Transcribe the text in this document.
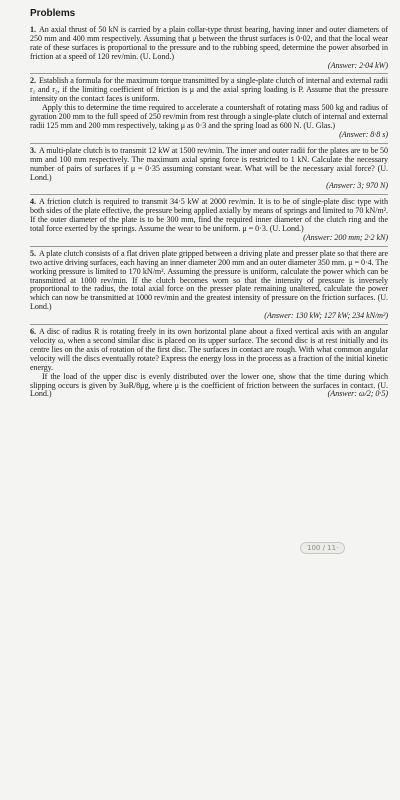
Problems

1. An axial thrust of 50 kN is carried by a plain collar-type thrust bearing, having inner and outer diameters of 250 mm and 400 mm respectively. Assuming that μ between the thrust surfaces is 0·02, and that the local wear rate of these surfaces is proportional to the pressure and to the rubbing speed, determine the power absorbed in friction at a speed of 120 rev/min. (U. Lond.)

(Answer: 2·04 kW)

2. Establish a formula for the maximum torque transmitted by a single-plate clutch of internal and external radii r₁ and r₂, if the limiting coefficient of friction is μ and the axial spring loading is P. Assume that the pressure intensity on the contact faces is uniform.

Apply this to determine the time required to accelerate a countershaft of rotating mass 500 kg and radius of gyration 200 mm to the full speed of 250 rev/min from rest through a single-plate clutch of internal and external radii 125 mm and 200 mm respectively, taking μ as 0·3 and the spring load as 600 N. (U. Glas.)

(Answer: 8·8 s)

3. A multi-plate clutch is to transmit 12 kW at 1500 rev/min. The inner and outer radii for the plates are to be 50 mm and 100 mm respectively. The maximum axial spring force is restricted to 1 kN. Calculate the necessary number of pairs of surfaces if μ = 0·35 assuming constant wear. What will be the necessary axial force? (U. Lond.)

(Answer: 3; 970 N)

4. A friction clutch is required to transmit 34·5 kW at 2000 rev/min. It is to be of single-plate disc type with both sides of the plate effective, the pressure being applied axially by means of springs and limited to 70 kN/m². If the outer diameter of the plate is to be 300 mm, find the required inner diameter of the clutch ring and the total force exerted by the springs. Assume the wear to be uniform. μ = 0·3. (U. Lond.)

(Answer: 200 mm; 2·2 kN)

5. A plate clutch consists of a flat driven plate gripped between a driving plate and presser plate so that there are two active driving surfaces, each having an inner diameter 200 mm and an outer diameter 350 mm. μ = 0·4. The working pressure is limited to 170 kN/m². Assuming the pressure is uniform, calculate the power which can be transmitted at 1000 rev/min. If the clutch becomes worn so that the intensity of pressure is inversely proportional to the radius, the total axial force on the presser plate remaining unaltered, calculate the power which can now be transmitted at 1000 rev/min and the greatest intensity of pressure on the friction surfaces. (U. Lond.)

(Answer: 130 kW; 127 kW; 234 kN/m²)

6. A disc of radius R is rotating freely in its own horizontal plane about a fixed vertical axis with an angular velocity ω, when a second similar disc is placed on its upper surface. The second disc is at rest initially and its centre lies on the axis of rotation of the first disc. The surfaces in contact are rough. With what common angular velocity will the discs eventually rotate? Express the energy loss in the process as a fraction of the initial kinetic energy.

If the load of the upper disc is evenly distributed over the lower one, show that the time during which slipping occurs is given by 3ωR/8μg, where μ is the coefficient of friction between the surfaces in contact. (U. Lond.)	(Answer: ω/2; 0·5)

100 / 11·
